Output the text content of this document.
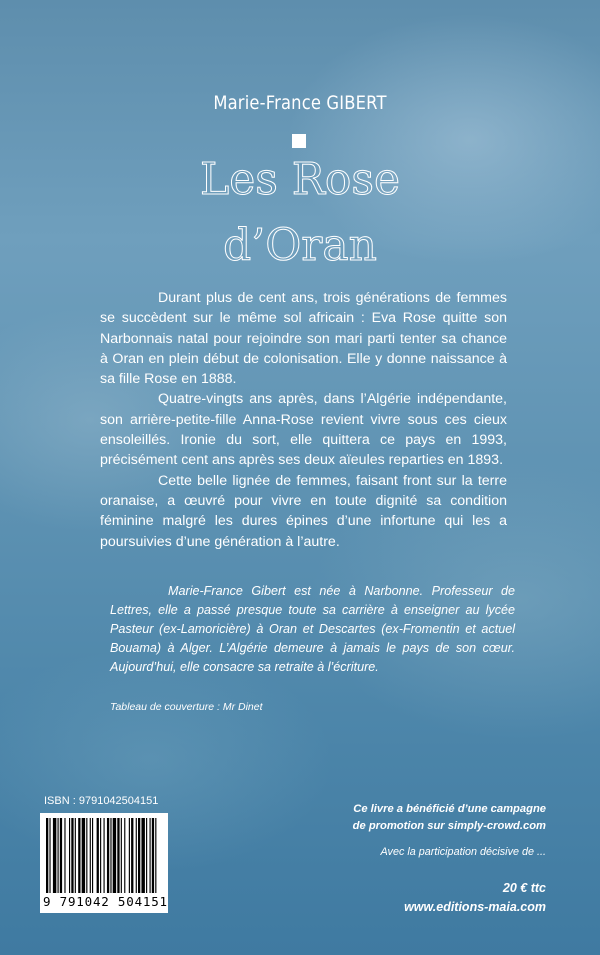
Marie-France GIBERT
Les Rose
d’Oran

Durant plus de cent ans, trois générations de femmes se succèdent sur le même sol africain : Eva Rose quitte son Narbonnais natal pour rejoindre son mari parti tenter sa chance à Oran en plein début de colonisation. Elle y donne naissance à sa fille Rose en 1888.

Quatre-vingts ans après, dans l’Algérie indépendante, son arrière-petite-fille Anna-Rose revient vivre sous ces cieux ensoleillés. Ironie du sort, elle quittera ce pays en 1993, précisément cent ans après ses deux aïeules reparties en 1893.

Cette belle lignée de femmes, faisant front sur la terre oranaise, a œuvré pour vivre en toute dignité sa condition féminine malgré les dures épines d’une infortune qui les a poursuivies d’une génération à l’autre.

Marie-France Gibert est née à Narbonne. Professeur de Lettres, elle a passé presque toute sa carrière à enseigner au lycée Pasteur (ex-Lamoricière) à Oran et Descartes (ex-Fromentin et actuel Bouama) à Alger. L’Algérie demeure à jamais le pays de son cœur. Aujourd’hui, elle consacre sa retraite à l’écriture.

Tableau de couverture : Mr Dinet
ISBN : 9791042504151
9 791042 504151
Ce livre a bénéficié d’une campagne
de promotion sur simply-crowd.com
Avec la participation décisive de ...
20 € ttc
www.editions-maia.com
